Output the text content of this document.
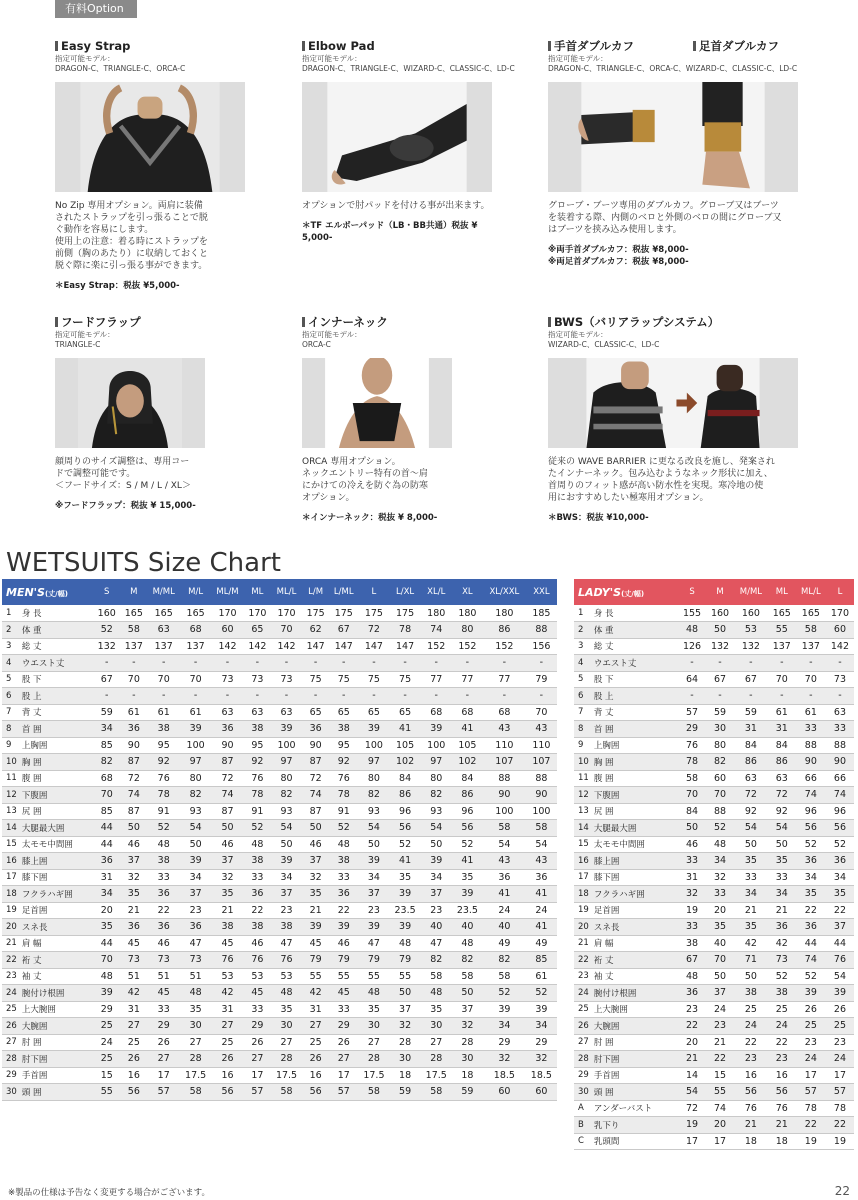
有料Option
Easy Strap
指定可能モデル：
DRAGON-C、TRIANGLE-C、ORCA-C
No Zip 専用オプション。両肩に装備
されたストラップを引っ張ることで脱
ぐ動作を容易にします。
使用上の注意：着る時にストラップを
前側（胸のあたり）に収納しておくと
脱ぐ際に楽に引っ張る事ができます。
＊Easy Strap：税抜 ¥5,000-
Elbow Pad
指定可能モデル：
DRAGON-C、TRIANGLE-C、WIZARD-C、CLASSIC-C、LD-C
オプションで肘パッドを付ける事が出来ます。
＊TF エルボーパッド（LB・BB共通）税抜 ¥ 5,000-
手首ダブルカフ	足首ダブルカフ
指定可能モデル：
DRAGON-C、TRIANGLE-C、ORCA-C、WIZARD-C、CLASSIC-C、LD-C
グローブ・ブーツ専用のダブルカフ。グローブ又はブーツ
を装着する際、内側のベロと外側のベロの間にグローブ又
はブーツを挟み込み使用します。
※両手首ダブルカフ：税抜 ¥8,000-
※両足首ダブルカフ：税抜 ¥8,000-
フードフラップ
指定可能モデル：
TRIANGLE-C
顔周りのサイズ調整は、専用コー
ドで調整可能です。
＜フードサイズ：S / M / L / XL＞
※フードフラップ：税抜 ¥ 15,000-
インナーネック
指定可能モデル：
ORCA-C
ORCA 専用オプション。
ネックエントリー特有の首〜肩
にかけての冷えを防ぐ為の防寒
オプション。
＊インナーネック：税抜 ¥ 8,000-
BWS（バリアラップシステム）
指定可能モデル：
WIZARD-C、CLASSIC-C、LD-C
従来の WAVE BARRIER に更なる改良を施し、発案され
たインナーネック。包み込むようなネック形状に加え、
首周りのフィット感が高い防水性を実現。寒冷地の使
用におすすめしたい極寒用オプション。
＊BWS：税抜 ¥10,000-
WETSUITS Size Chart
MEN'S(丈/幅)		S	M	M/ML	M/L	ML/M	ML	ML/L	L/M	L/ML	L	L/XL	XL/L	XL	XL/XXL	XXL
1	身 長	160	165	165	165	170	170	170	175	175	175	175	180	180	180	185
2	体 重	52	58	63	68	60	65	70	62	67	72	78	74	80	86	88
3	総 丈	132	137	137	137	142	142	142	147	147	147	147	152	152	152	156
4	ウエスト丈	-	-	-	-	-	-	-	-	-	-	-	-	-	-	-
5	股 下	67	70	70	70	73	73	73	75	75	75	75	77	77	77	79
6	股 上	-	-	-	-	-	-	-	-	-	-	-	-	-	-	-
7	背 丈	59	61	61	61	63	63	63	65	65	65	65	68	68	68	70
8	首 囲	34	36	38	39	36	38	39	36	38	39	41	39	41	43	43
9	上胸囲	85	90	95	100	90	95	100	90	95	100	105	100	105	110	110
10	胸 囲	82	87	92	97	87	92	97	87	92	97	102	97	102	107	107
11	腹 囲	68	72	76	80	72	76	80	72	76	80	84	80	84	88	88
12	下腹囲	70	74	78	82	74	78	82	74	78	82	86	82	86	90	90
13	尻 囲	85	87	91	93	87	91	93	87	91	93	96	93	96	100	100
14	大腿最大囲	44	50	52	54	50	52	54	50	52	54	56	54	56	58	58
15	太モモ中間囲	44	46	48	50	46	48	50	46	48	50	52	50	52	54	54
16	膝上囲	36	37	38	39	37	38	39	37	38	39	41	39	41	43	43
17	膝下囲	31	32	33	34	32	33	34	32	33	34	35	34	35	36	36
18	フクラハギ囲	34	35	36	37	35	36	37	35	36	37	39	37	39	41	41
19	足首囲	20	21	22	23	21	22	23	21	22	23	23.5	23	23.5	24	24
20	スネ長	35	36	36	36	38	38	38	39	39	39	39	40	40	40	41
21	肩 幅	44	45	46	47	45	46	47	45	46	47	48	47	48	49	49
22	裄 丈	70	73	73	73	76	76	76	79	79	79	79	82	82	82	85
23	袖 丈	48	51	51	51	53	53	53	55	55	55	55	58	58	58	61
24	腕付け根囲	39	42	45	48	42	45	48	42	45	48	50	48	50	52	52
25	上大腕囲	29	31	33	35	31	33	35	31	33	35	37	35	37	39	39
26	大腕囲	25	27	29	30	27	29	30	27	29	30	32	30	32	34	34
27	肘 囲	24	25	26	27	25	26	27	25	26	27	28	27	28	29	29
28	肘下囲	25	26	27	28	26	27	28	26	27	28	30	28	30	32	32
29	手首囲	15	16	17	17.5	16	17	17.5	16	17	17.5	18	17.5	18	18.5	18.5
30	頭 囲	55	56	57	58	56	57	58	56	57	58	59	58	59	60	60
LADY'S(丈/幅)		S	M	M/ML	ML	ML/L	L
1	身 長	155	160	160	165	165	170
2	体 重	48	50	53	55	58	60
3	総 丈	126	132	132	137	137	142
4	ウエスト丈	-	-	-	-	-	-
5	股 下	64	67	67	70	70	73
6	股 上	-	-	-	-	-	-
7	背 丈	57	59	59	61	61	63
8	首 囲	29	30	31	31	33	33
9	上胸囲	76	80	84	84	88	88
10	胸 囲	78	82	86	86	90	90
11	腹 囲	58	60	63	63	66	66
12	下腹囲	70	70	72	72	74	74
13	尻 囲	84	88	92	92	96	96
14	大腿最大囲	50	52	54	54	56	56
15	太モモ中間囲	46	48	50	50	52	52
16	膝上囲	33	34	35	35	36	36
17	膝下囲	31	32	33	33	34	34
18	フクラハギ囲	32	33	34	34	35	35
19	足首囲	19	20	21	21	22	22
20	スネ長	33	35	35	36	36	37
21	肩 幅	38	40	42	42	44	44
22	裄 丈	67	70	71	73	74	76
23	袖 丈	48	50	50	52	52	54
24	腕付け根囲	36	37	38	38	39	39
25	上大腕囲	23	24	25	25	26	26
26	大腕囲	22	23	24	24	25	25
27	肘 囲	20	21	22	22	23	23
28	肘下囲	21	22	23	23	24	24
29	手首囲	14	15	16	16	17	17
30	頭 囲	54	55	56	56	57	57
A	アンダーバスト	72	74	76	76	78	78
B	乳下り	19	20	21	21	22	22
C	乳頭間	17	17	18	18	19	19
※製品の仕様は予告なく変更する場合がございます。	22
